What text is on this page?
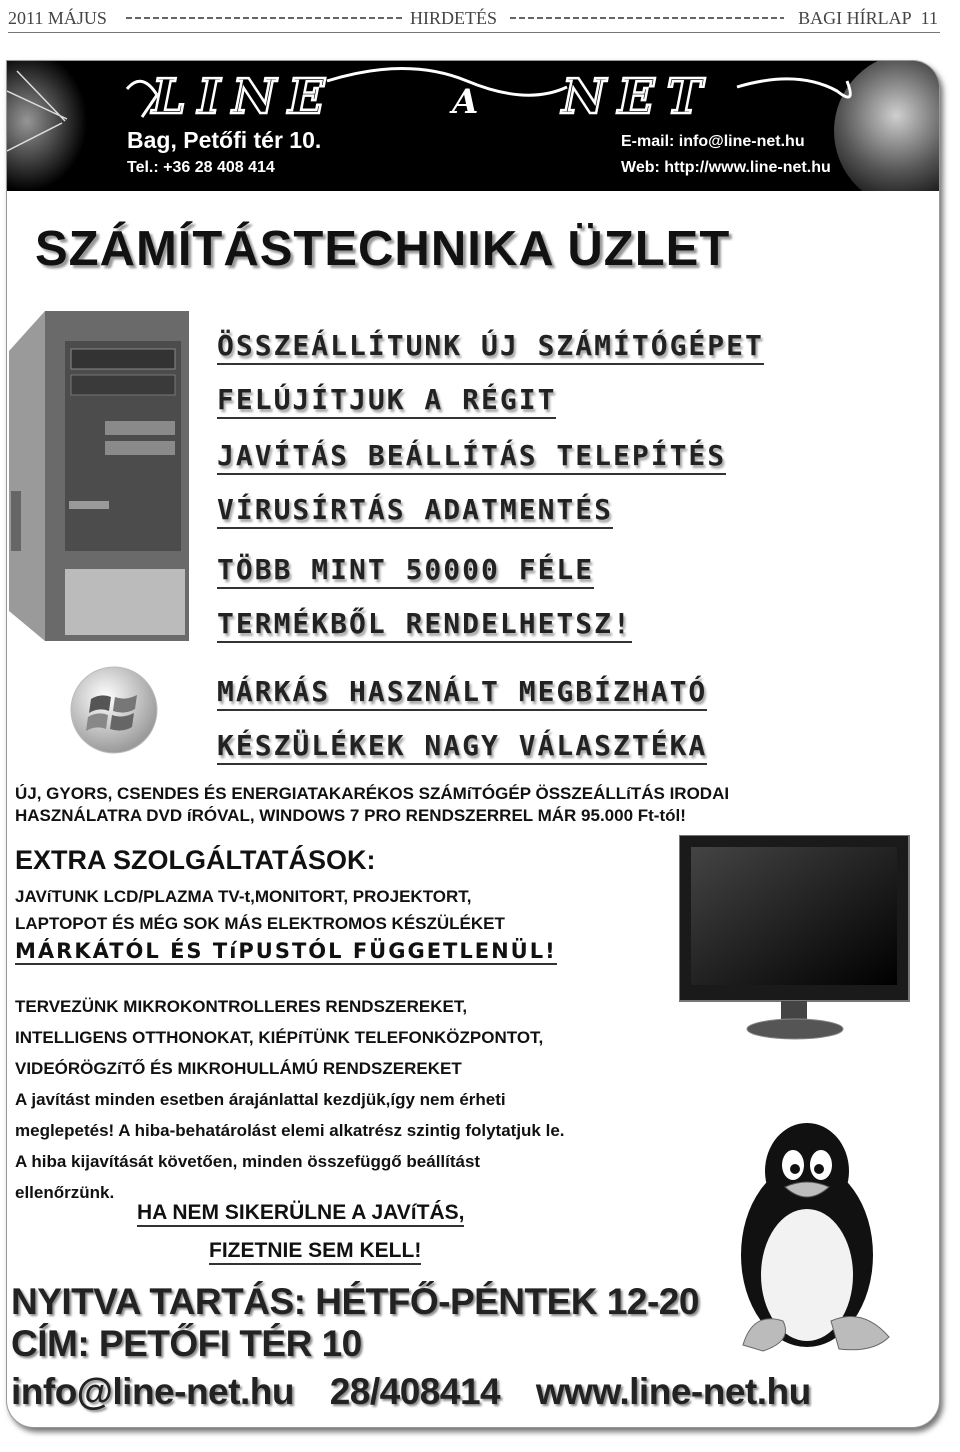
2011 MÁJUS	HIRDETÉS	BAGI HÍRLAP 11
LINE	A NET
Bag, Petőfi tér 10.
Tel.: +36 28 408 414
E-mail: info@line-net.hu
Web: http://www.line-net.hu
SZÁMÍTÁSTECHNIKA ÜZLET
ÖSSZEÁLLÍTUNK ÚJ SZÁMÍTÓGÉPET
FELÚJÍTJUK A RÉGIT
JAVÍTÁS BEÁLLÍTÁS TELEPÍTÉS
VÍRUSÍRTÁS ADATMENTÉS
TÖBB MINT 50000 FÉLE
TERMÉKBŐL RENDELHETSZ!
MÁRKÁS HASZNÁLT MEGBÍZHATÓ
KÉSZÜLÉKEK NAGY VÁLASZTÉKA
ÚJ, GYORS, CSENDES ÉS ENERGIATAKARÉKOS SZÁMíTÓGÉP ÖSSZEÁLLíTÁS IRODAI
HASZNÁLATRA DVD íRÓVAL, WINDOWS 7 PRO RENDSZERREL MÁR 95.000 Ft-tól!
EXTRA SZOLGÁLTATÁSOK:
JAVíTUNK LCD/PLAZMA TV-t,MONITORT, PROJEKTORT,
LAPTOPOT ÉS MÉG SOK MÁS ELEKTROMOS KÉSZÜLÉKET
MÁRKÁTÓL ÉS TíPUSTÓL FÜGGETLENÜL!
TERVEZÜNK MIKROKONTROLLERES RENDSZEREKET,
INTELLIGENS OTTHONOKAT, KIÉPíTÜNK TELEFONKÖZPONTOT,
VIDEÓRÖGZíTŐ ÉS MIKROHULLÁMÚ RENDSZEREKET
A javítást minden esetben árajánlattal kezdjük,így nem érheti
meglepetés! A hiba-behatárolást elemi alkatrész szintig folytatjuk le.
A hiba kijavítását követően, minden összefüggő beállítást
ellenőrzünk.
HA NEM SIKERÜLNE A JAVíTÁS,
FIZETNIE SEM KELL!
NYITVA TARTÁS: HÉTFŐ-PÉNTEK 12-20
CÍM: PETŐFI TÉR 10
info@line-net.hu 28/408414 www.line-net.hu
